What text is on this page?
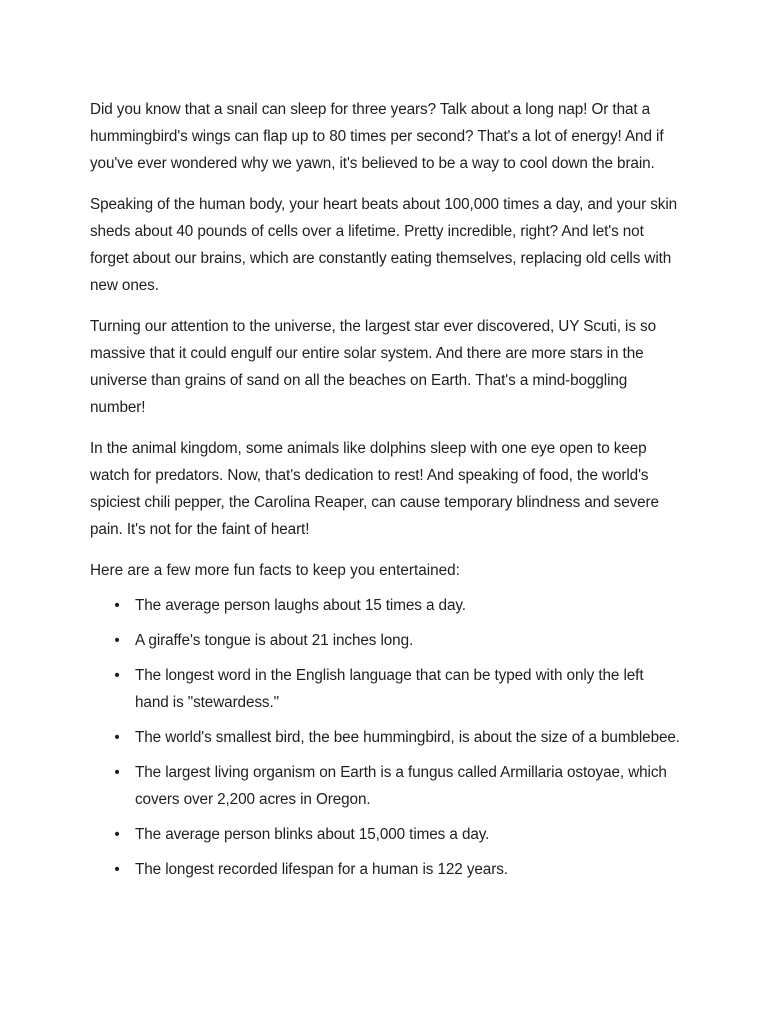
Did you know that a snail can sleep for three years? Talk about a long nap! Or that a hummingbird's wings can flap up to 80 times per second? That's a lot of energy! And if you've ever wondered why we yawn, it's believed to be a way to cool down the brain.

Speaking of the human body, your heart beats about 100,000 times a day, and your skin sheds about 40 pounds of cells over a lifetime. Pretty incredible, right? And let's not forget about our brains, which are constantly eating themselves, replacing old cells with new ones.

Turning our attention to the universe, the largest star ever discovered, UY Scuti, is so massive that it could engulf our entire solar system. And there are more stars in the universe than grains of sand on all the beaches on Earth. That's a mind-boggling number!

In the animal kingdom, some animals like dolphins sleep with one eye open to keep watch for predators. Now, that's dedication to rest! And speaking of food, the world's spiciest chili pepper, the Carolina Reaper, can cause temporary blindness and severe pain. It's not for the faint of heart!

Here are a few more fun facts to keep you entertained:

• The average person laughs about 15 times a day.
• A giraffe's tongue is about 21 inches long.
• The longest word in the English language that can be typed with only the left hand is "stewardess."
• The world's smallest bird, the bee hummingbird, is about the size of a bumblebee.
• The largest living organism on Earth is a fungus called Armillaria ostoyae, which covers over 2,200 acres in Oregon.
• The average person blinks about 15,000 times a day.
• The longest recorded lifespan for a human is 122 years.
